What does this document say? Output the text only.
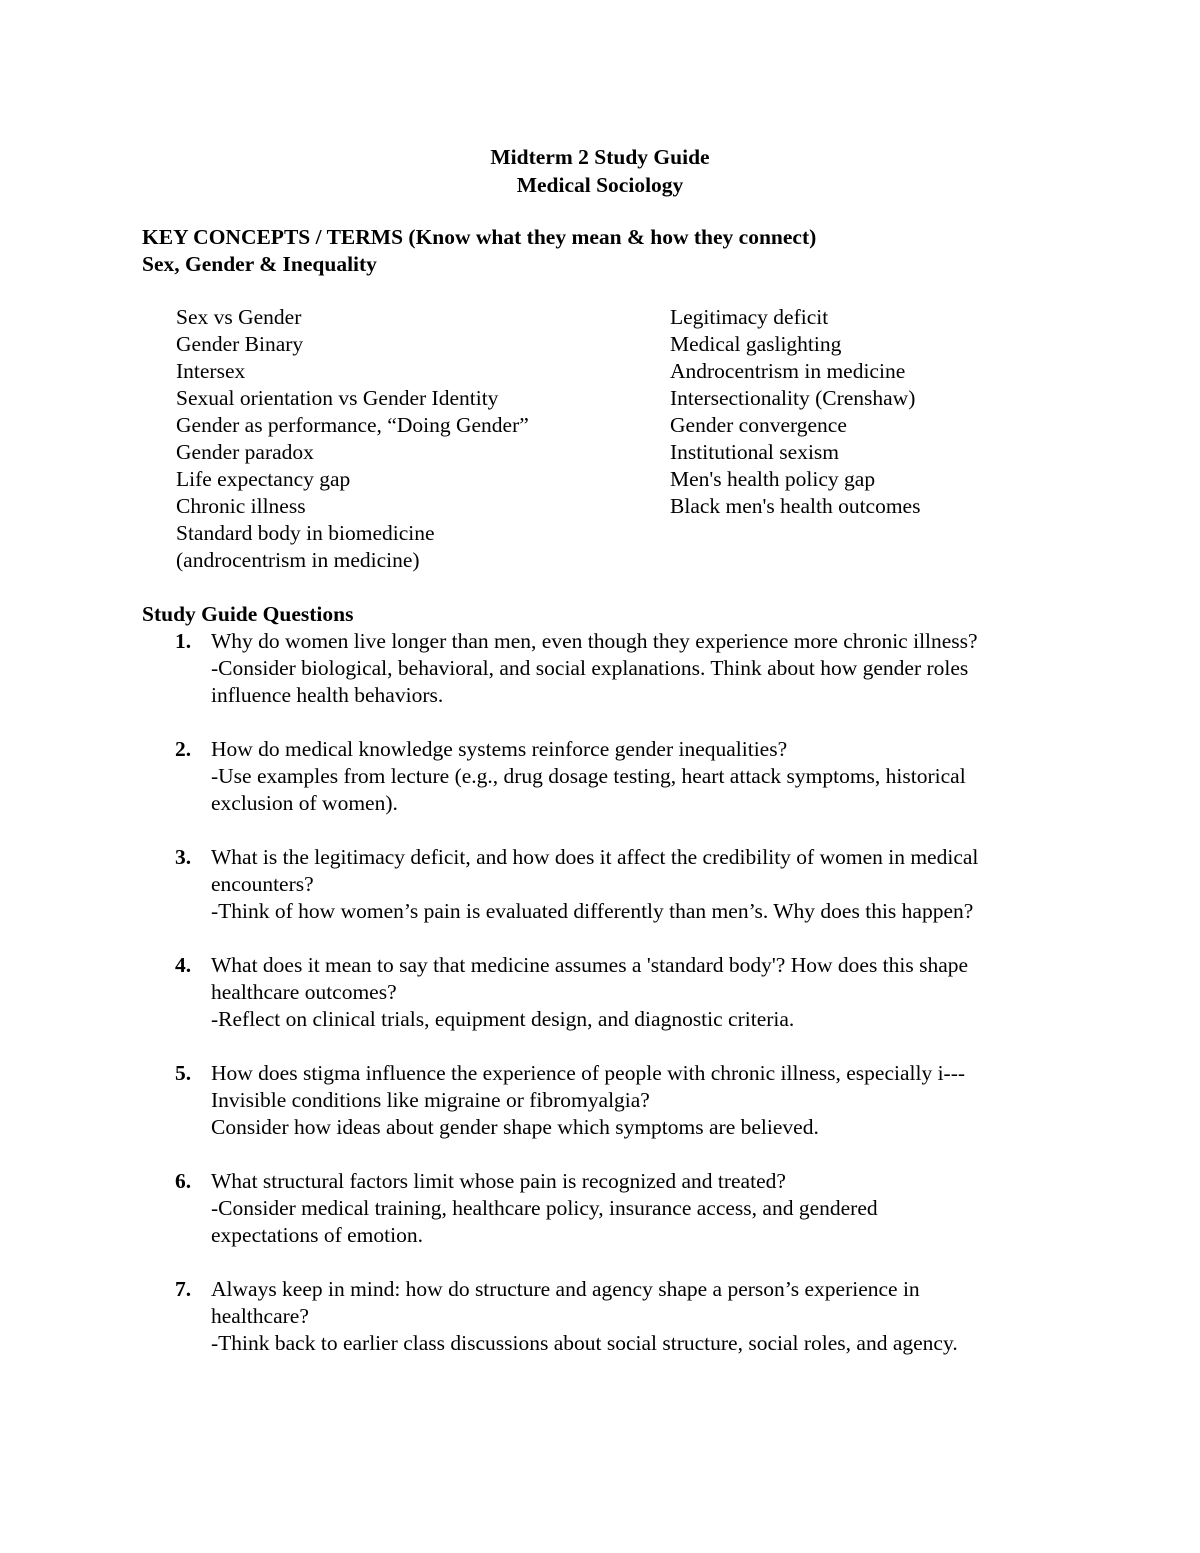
Midterm 2 Study Guide
Medical Sociology
KEY CONCEPTS / TERMS (Know what they mean & how they connect)
Sex, Gender & Inequality
Sex vs Gender
Gender Binary
Intersex
Sexual orientation vs Gender Identity
Gender as performance, “Doing Gender”
Gender paradox
Life expectancy gap
Chronic illness
Standard body in biomedicine
(androcentrism in medicine)
Legitimacy deficit
Medical gaslighting
Androcentrism in medicine
Intersectionality (Crenshaw)
Gender convergence
Institutional sexism
Men's health policy gap
Black men's health outcomes
Study Guide Questions
1. Why do women live longer than men, even though they experience more chronic illness?
-Consider biological, behavioral, and social explanations. Think about how gender roles
influence health behaviors.
2. How do medical knowledge systems reinforce gender inequalities?
-Use examples from lecture (e.g., drug dosage testing, heart attack symptoms, historical
exclusion of women).
3. What is the legitimacy deficit, and how does it affect the credibility of women in medical
encounters?
-Think of how women’s pain is evaluated differently than men’s. Why does this happen?
4. What does it mean to say that medicine assumes a 'standard body'? How does this shape
healthcare outcomes?
-Reflect on clinical trials, equipment design, and diagnostic criteria.
5. How does stigma influence the experience of people with chronic illness, especially i---
Invisible conditions like migraine or fibromyalgia?
Consider how ideas about gender shape which symptoms are believed.
6. What structural factors limit whose pain is recognized and treated?
-Consider medical training, healthcare policy, insurance access, and gendered
expectations of emotion.
7. Always keep in mind: how do structure and agency shape a person’s experience in
healthcare?
-Think back to earlier class discussions about social structure, social roles, and agency.
